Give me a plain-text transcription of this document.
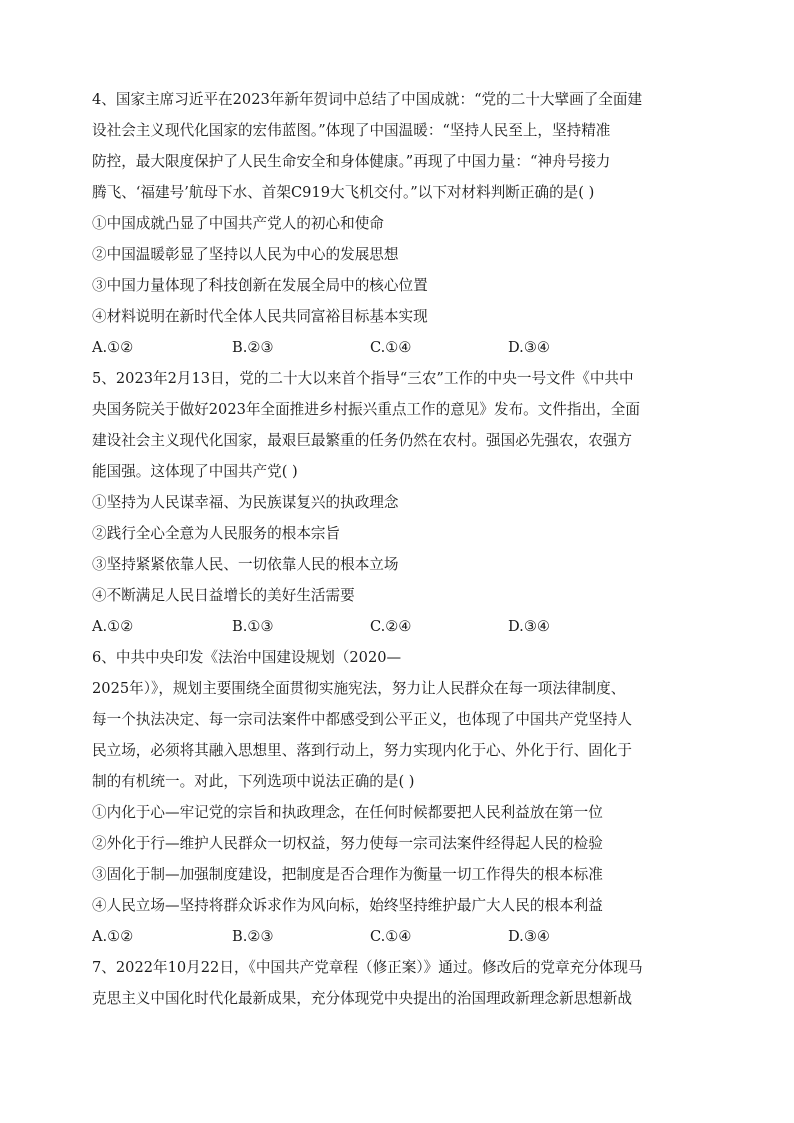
4、国家主席习近平在2023年新年贺词中总结了中国成就：“党的二十大擘画了全面建
设社会主义现代化国家的宏伟蓝图。”体现了中国温暖：“坚持人民至上，坚持精准
防控，最大限度保护了人民生命安全和身体健康。”再现了中国力量：“神舟号接力
腾飞、‘福建号’航母下水、首架C919大飞机交付。”以下对材料判断正确的是( )
①中国成就凸显了中国共产党人的初心和使命
②中国温暖彰显了坚持以人民为中心的发展思想
③中国力量体现了科技创新在发展全局中的核心位置
④材料说明在新时代全体人民共同富裕目标基本实现
A.①②	B.②③	C.①④	D.③④
5、2023年2月13日，党的二十大以来首个指导“三农”工作的中央一号文件《中共中
央国务院关于做好2023年全面推进乡村振兴重点工作的意见》发布。文件指出，全面
建设社会主义现代化国家，最艰巨最繁重的任务仍然在农村。强国必先强农，农强方
能国强。这体现了中国共产党( )
①坚持为人民谋幸福、为民族谋复兴的执政理念
②践行全心全意为人民服务的根本宗旨
③坚持紧紧依靠人民、一切依靠人民的根本立场
④不断满足人民日益增长的美好生活需要
A.①②	B.①③	C.②④	D.③④
6、中共中央印发《法治中国建设规划（2020—
2025年）》，规划主要围绕全面贯彻实施宪法，努力让人民群众在每一项法律制度、
每一个执法决定、每一宗司法案件中都感受到公平正义，也体现了中国共产党坚持人
民立场，必须将其融入思想里、落到行动上，努力实现内化于心、外化于行、固化于
制的有机统一。对此，下列选项中说法正确的是( )
①内化于心—牢记党的宗旨和执政理念，在任何时候都要把人民利益放在第一位
②外化于行—维护人民群众一切权益，努力使每一宗司法案件经得起人民的检验
③固化于制—加强制度建设，把制度是否合理作为衡量一切工作得失的根本标准
④人民立场—坚持将群众诉求作为风向标，始终坚持维护最广大人民的根本利益
A.①②	B.②③	C.①④	D.③④
7、2022年10月22日，《中国共产党章程（修正案）》通过。修改后的党章充分体现马
克思主义中国化时代化最新成果，充分体现党中央提出的治国理政新理念新思想新战
